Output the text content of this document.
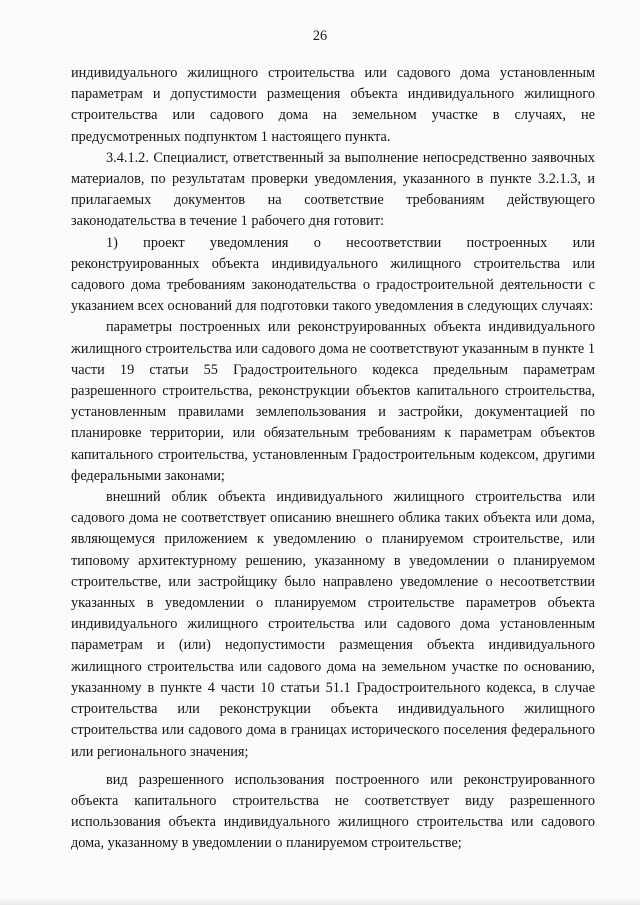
26

индивидуального жилищного строительства или садового дома установленным параметрам и допустимости размещения объекта индивидуального жилищного строительства или садового дома на земельном участке в случаях, не предусмотренных подпунктом 1 настоящего пункта.

3.4.1.2. Специалист, ответственный за выполнение непосредственно заявочных материалов, по результатам проверки уведомления, указанного в пункте 3.2.1.3, и прилагаемых документов на соответствие требованиям действующего законодательства в течение 1 рабочего дня готовит:

1) проект уведомления о несоответствии построенных или реконструированных объекта индивидуального жилищного строительства или садового дома требованиям законодательства о градостроительной деятельности с указанием всех оснований для подготовки такого уведомления в следующих случаях:

параметры построенных или реконструированных объекта индивидуального жилищного строительства или садового дома не соответствуют указанным в пункте 1 части 19 статьи 55 Градостроительного кодекса предельным параметрам разрешенного строительства, реконструкции объектов капитального строительства, установленным правилами землепользования и застройки, документацией по планировке территории, или обязательным требованиям к параметрам объектов капитального строительства, установленным Градостроительным кодексом, другими федеральными законами;

внешний облик объекта индивидуального жилищного строительства или садового дома не соответствует описанию внешнего облика таких объекта или дома, являющемуся приложением к уведомлению о планируемом строительстве, или типовому архитектурному решению, указанному в уведомлении о планируемом строительстве, или застройщику было направлено уведомление о несоответствии указанных в уведомлении о планируемом строительстве параметров объекта индивидуального жилищного строительства или садового дома установленным параметрам и (или) недопустимости размещения объекта индивидуального жилищного строительства или садового дома на земельном участке по основанию, указанному в пункте 4 части 10 статьи 51.1 Градостроительного кодекса, в случае строительства или реконструкции объекта индивидуального жилищного строительства или садового дома в границах исторического поселения федерального или регионального значения;

вид разрешенного использования построенного или реконструированного объекта капитального строительства не соответствует виду разрешенного использования объекта индивидуального жилищного строительства или садового дома, указанному в уведомлении о планируемом строительстве;
